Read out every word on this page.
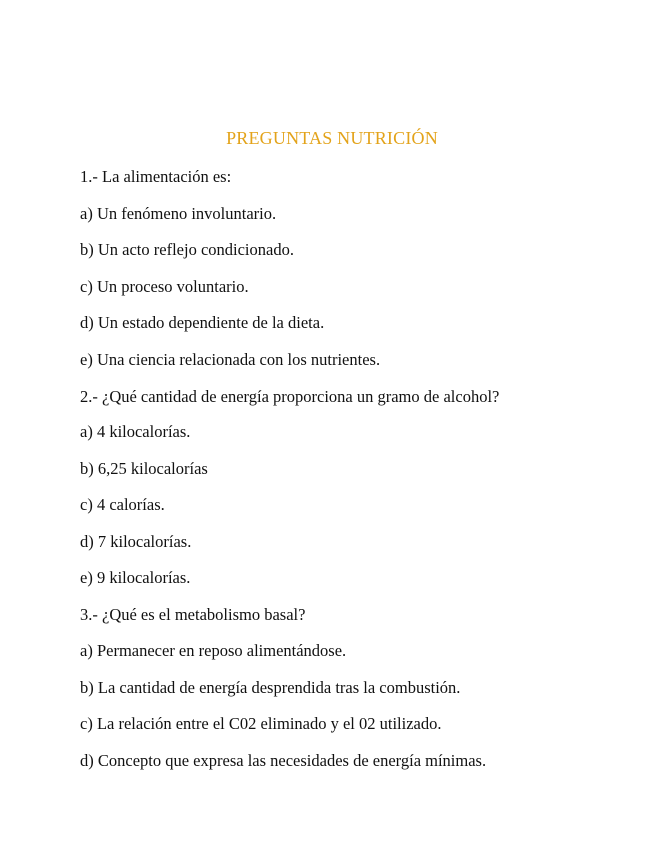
PREGUNTAS NUTRICIÓN

1.- La alimentación es:

a) Un fenómeno involuntario.

b) Un acto reflejo condicionado.

c) Un proceso voluntario.

d) Un estado dependiente de la dieta.

e) Una ciencia relacionada con los nutrientes.

2.- ¿Qué cantidad de energía proporciona un gramo de alcohol?

a) 4 kilocalorías.

b) 6,25 kilocalorías

c) 4 calorías.

d) 7 kilocalorías.

e) 9 kilocalorías.

3.- ¿Qué es el metabolismo basal?

a) Permanecer en reposo alimentándose.

b) La cantidad de energía desprendida tras la combustión.

c) La relación entre el C02 eliminado y el 02 utilizado.

d) Concepto que expresa las necesidades de energía mínimas.
